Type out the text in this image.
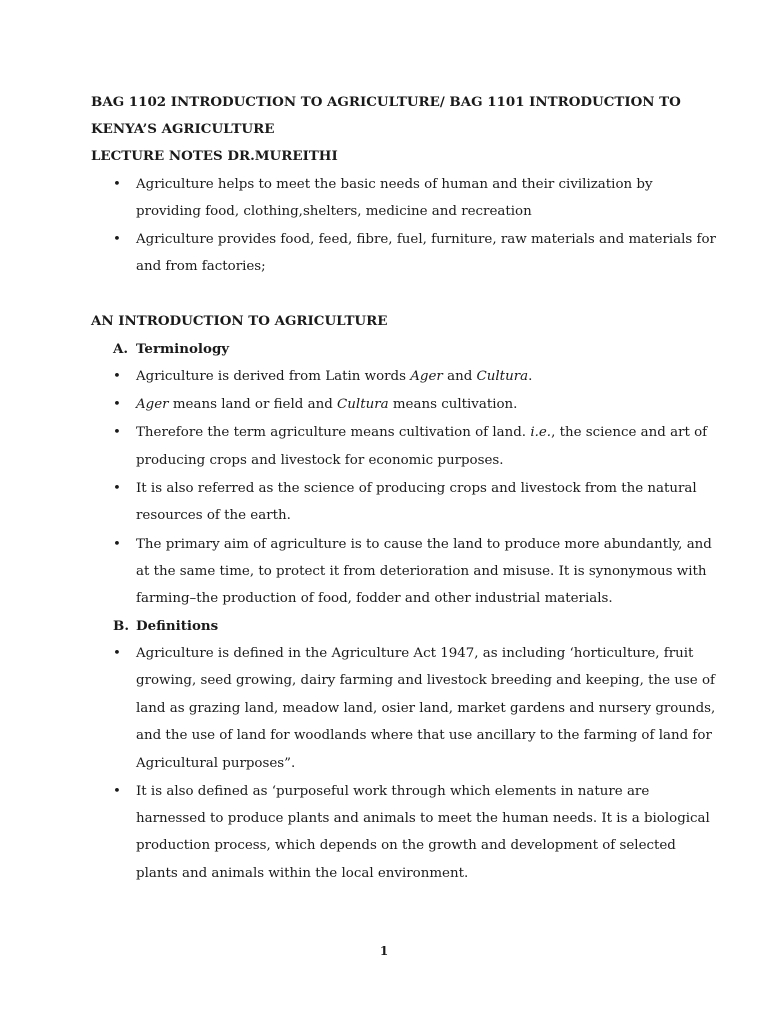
BAG 1102 INTRODUCTION TO AGRICULTURE/ BAG 1101 INTRODUCTION TO
KENYA’S AGRICULTURE
LECTURE NOTES DR.MUREITHI
• Agriculture helps to meet the basic needs of human and their civilization by
providing food, clothing,shelters, medicine and recreation
• Agriculture provides food, feed, fibre, fuel, furniture, raw materials and materials for
and from factories;
AN INTRODUCTION TO AGRICULTURE
A. Terminology
• Agriculture is derived from Latin words Ager and Cultura.
• Ager means land or field and Cultura means cultivation.
• Therefore the term agriculture means cultivation of land. i.e., the science and art of
producing crops and livestock for economic purposes.
• It is also referred as the science of producing crops and livestock from the natural
resources of the earth.
• The primary aim of agriculture is to cause the land to produce more abundantly, and
at the same time, to protect it from deterioration and misuse. It is synonymous with
farming–the production of food, fodder and other industrial materials.
B. Definitions
• Agriculture is defined in the Agriculture Act 1947, as including ‘horticulture, fruit
growing, seed growing, dairy farming and livestock breeding and keeping, the use of
land as grazing land, meadow land, osier land, market gardens and nursery grounds,
and the use of land for woodlands where that use ancillary to the farming of land for
Agricultural purposes”.
• It is also defined as ‘purposeful work through which elements in nature are
harnessed to produce plants and animals to meet the human needs. It is a biological
production process, which depends on the growth and development of selected
plants and animals within the local environment.
1
